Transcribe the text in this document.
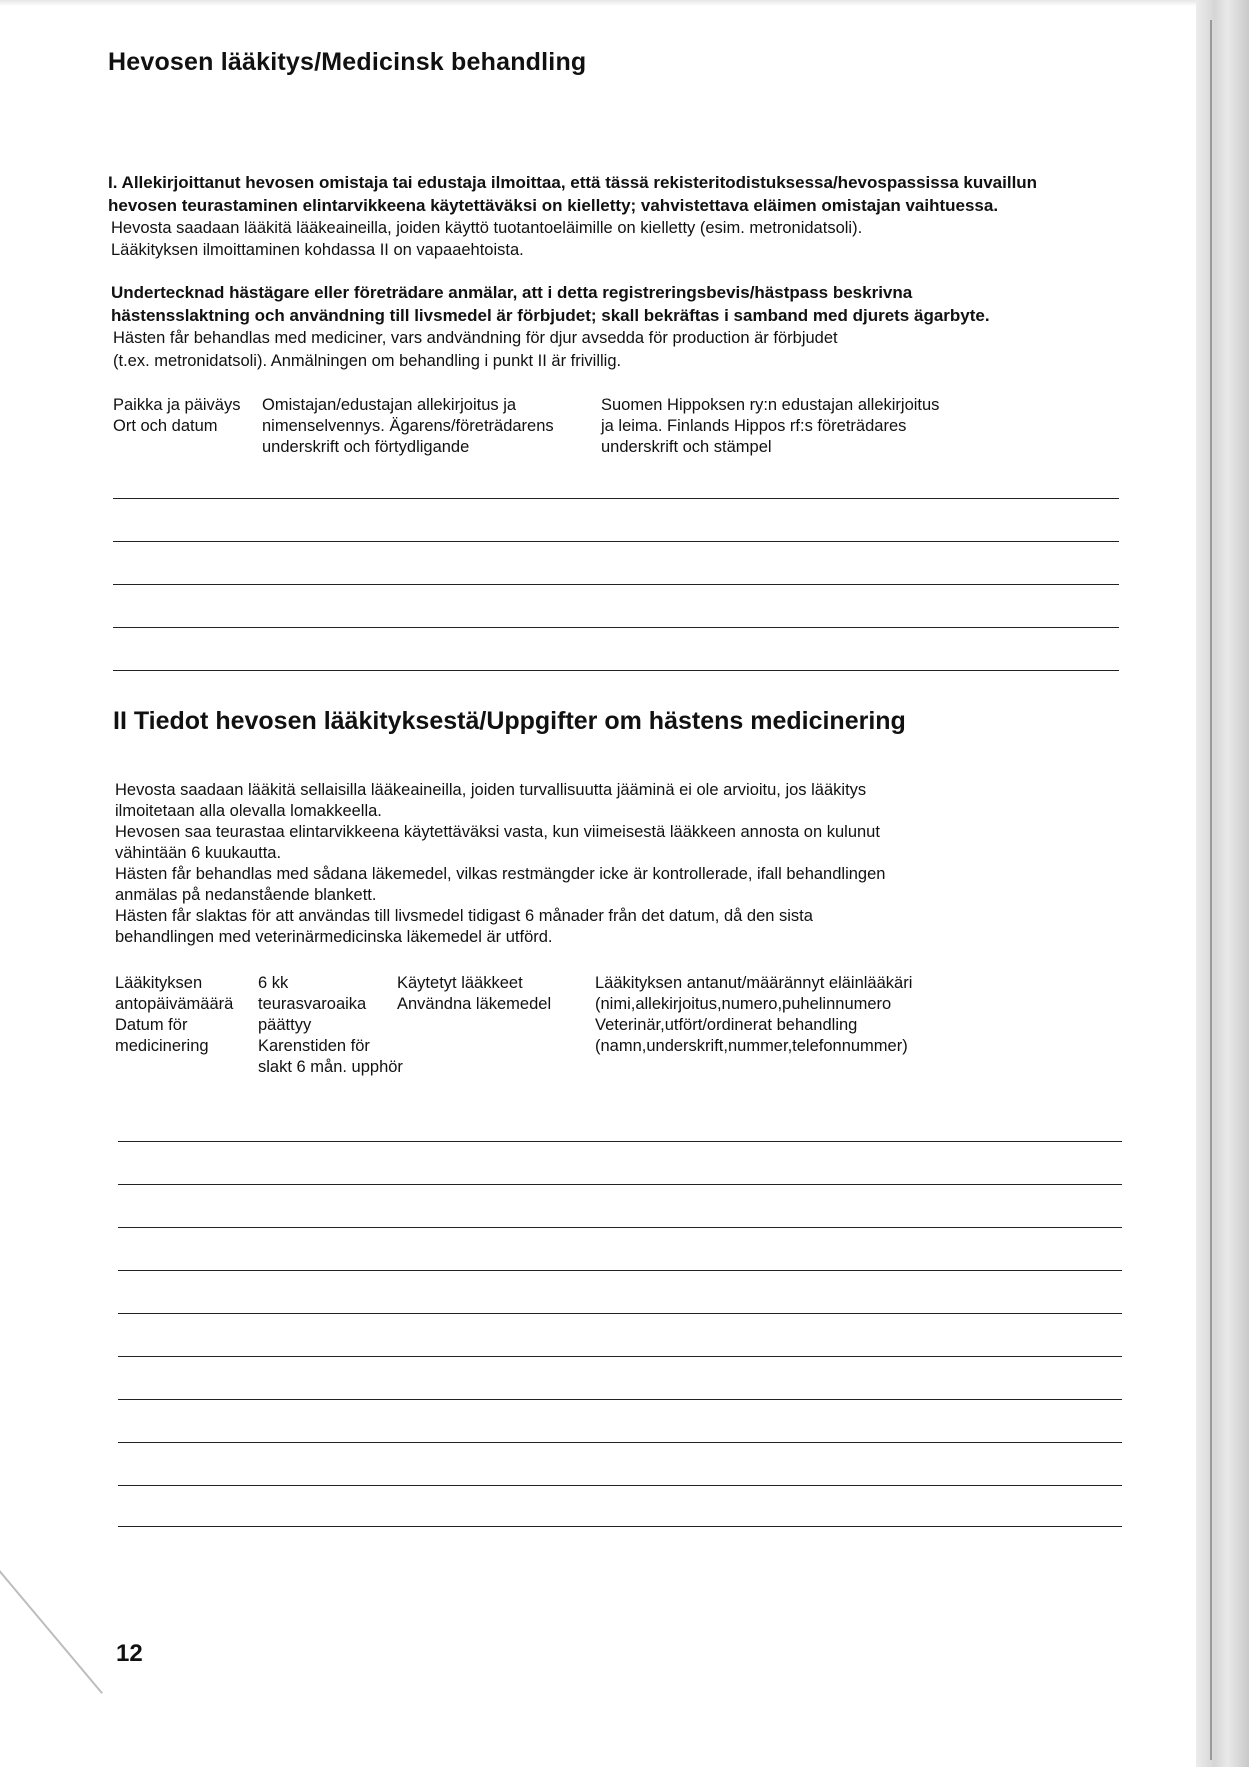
Hevosen lääkitys/Medicinsk behandling
I. Allekirjoittanut hevosen omistaja tai edustaja ilmoittaa, että tässä rekisteritodistuksessa/hevospassissa kuvaillun
hevosen teurastaminen elintarvikkeena käytettäväksi on kielletty; vahvistettava eläimen omistajan vaihtuessa.
Hevosta saadaan lääkitä lääkeaineilla, joiden käyttö tuotantoeläimille on kielletty (esim. metronidatsoli).
Lääkityksen ilmoittaminen kohdassa II on vapaaehtoista.
Undertecknad hästägare eller företrädare anmälar, att i detta registreringsbevis/hästpass beskrivna
hästensslaktning och användning till livsmedel är förbjudet; skall bekräftas i samband med djurets ägarbyte.
Hästen får behandlas med mediciner, vars andvändning för djur avsedda för production är förbjudet
(t.ex. metronidatsoli). Anmälningen om behandling i punkt II är frivillig.
Paikka ja päiväys
Ort och datum
Omistajan/edustajan allekirjoitus ja
nimenselvennys. Ägarens/företrädarens
underskrift och förtydligande
Suomen Hippoksen ry:n edustajan allekirjoitus
ja leima. Finlands Hippos rf:s företrädares
underskrift och stämpel
II Tiedot hevosen lääkityksestä/Uppgifter om hästens medicinering
Hevosta saadaan lääkitä sellaisilla lääkeaineilla, joiden turvallisuutta jääminä ei ole arvioitu, jos lääkitys
ilmoitetaan alla olevalla lomakkeella.
Hevosen saa teurastaa elintarvikkeena käytettäväksi vasta, kun viimeisestä lääkkeen annosta on kulunut
vähintään 6 kuukautta.
Hästen får behandlas med sådana läkemedel, vilkas restmängder icke är kontrollerade, ifall behandlingen
anmälas på nedanstående blankett.
Hästen får slaktas för att användas till livsmedel tidigast 6 månader från det datum, då den sista
behandlingen med veterinärmedicinska läkemedel är utförd.
Lääkityksen
antopäivämäärä
Datum för
medicinering
6 kk
teurasvaroaika
päättyy
Karenstiden för
slakt 6 mån. upphör
Käytetyt lääkkeet
Användna läkemedel
Lääkityksen antanut/määrännyt eläinlääkäri
(nimi,allekirjoitus,numero,puhelinnumero
Veterinär,utfört/ordinerat behandling
(namn,underskrift,nummer,telefonnummer)
12
